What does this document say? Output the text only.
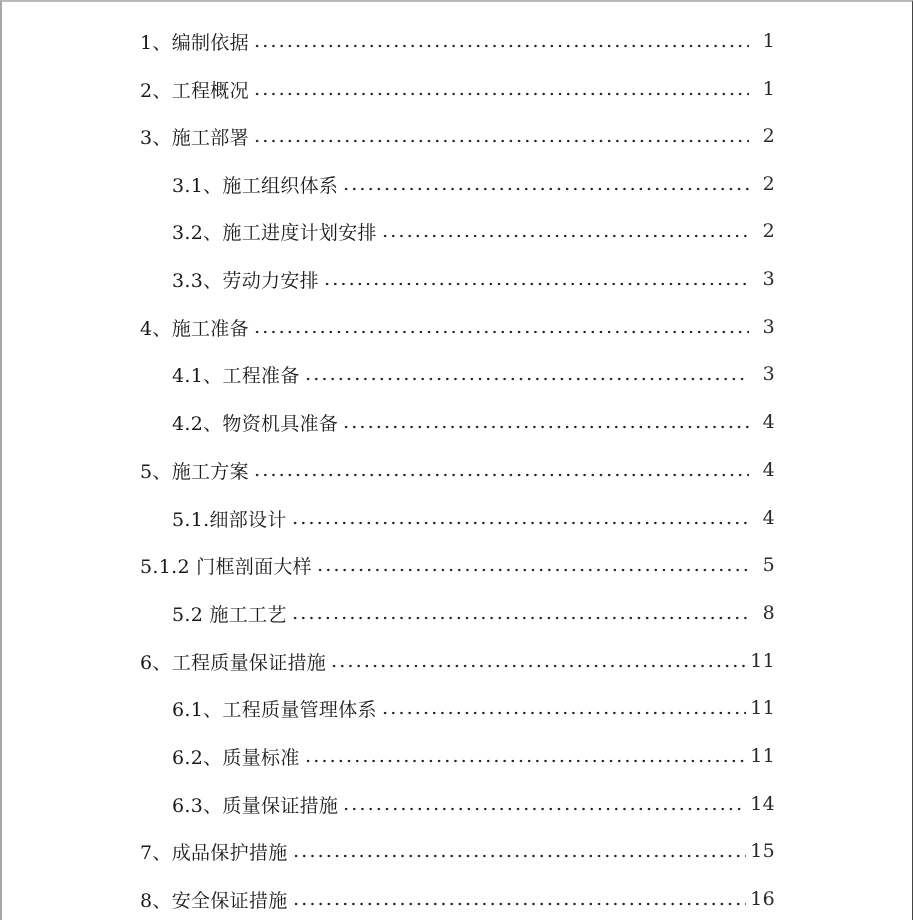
1、编制依据	1
2、工程概况	1
3、施工部署	2
3.1、施工组织体系	2
3.2、施工进度计划安排	2
3.3、劳动力安排	3
4、施工准备	3
4.1、工程准备	3
4.2、物资机具准备	4
5、施工方案	4
5.1.细部设计	4
5.1.2 门框剖面大样	5
5.2 施工工艺	8
6、工程质量保证措施	11
6.1、工程质量管理体系	11
6.2、质量标准	11
6.3、质量保证措施	14
7、成品保护措施	15
8、安全保证措施	16
